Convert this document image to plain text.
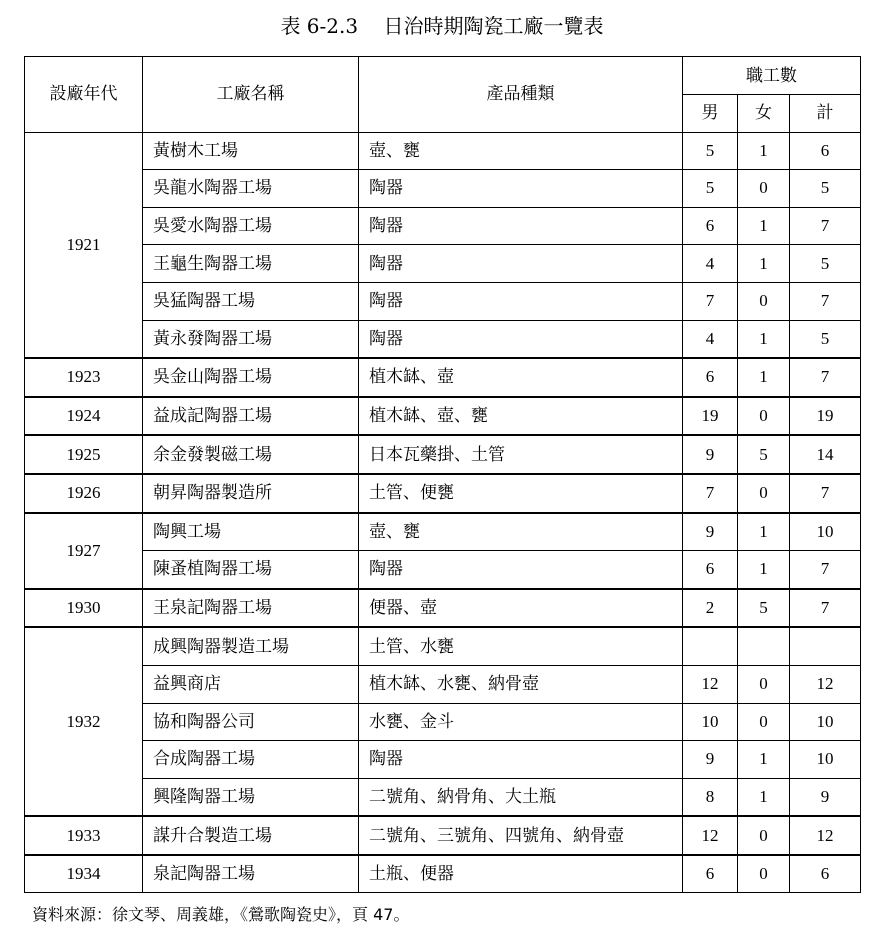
表 6-2.3    日治時期陶瓷工廠一覽表
設廠年代	工廠名稱	產品種類	職工數		
			男	女	計
1921	黃樹木工場	壺、甕	5	1	6
	吳龍水陶器工場	陶器	5	0	5
	吳愛水陶器工場	陶器	6	1	7
	王龜生陶器工場	陶器	4	1	5
	吳猛陶器工場	陶器	7	0	7
	黃永發陶器工場	陶器	4	1	5
1923	吳金山陶器工場	植木缽、壺	6	1	7
1924	益成記陶器工場	植木缽、壺、甕	19	0	19
1925	余金發製磁工場	日本瓦藥掛、土管	9	5	14
1926	朝昇陶器製造所	土管、便甕	7	0	7
1927	陶興工場	壺、甕	9	1	10
	陳蚤植陶器工場	陶器	6	1	7
1930	王泉記陶器工場	便器、壺	2	5	7
1932	成興陶器製造工場	土管、水甕			
	益興商店	植木缽、水甕、納骨壺	12	0	12
	協和陶器公司	水甕、金斗	10	0	10
	合成陶器工場	陶器	9	1	10
	興隆陶器工場	二號角、納骨角、大土瓶	8	1	9
1933	謀升合製造工場	二號角、三號角、四號角、納骨壺	12	0	12
1934	泉記陶器工場	土瓶、便器	6	0	6
資料來源：徐文琴、周義雄，《鶯歌陶瓷史》，頁 47。
